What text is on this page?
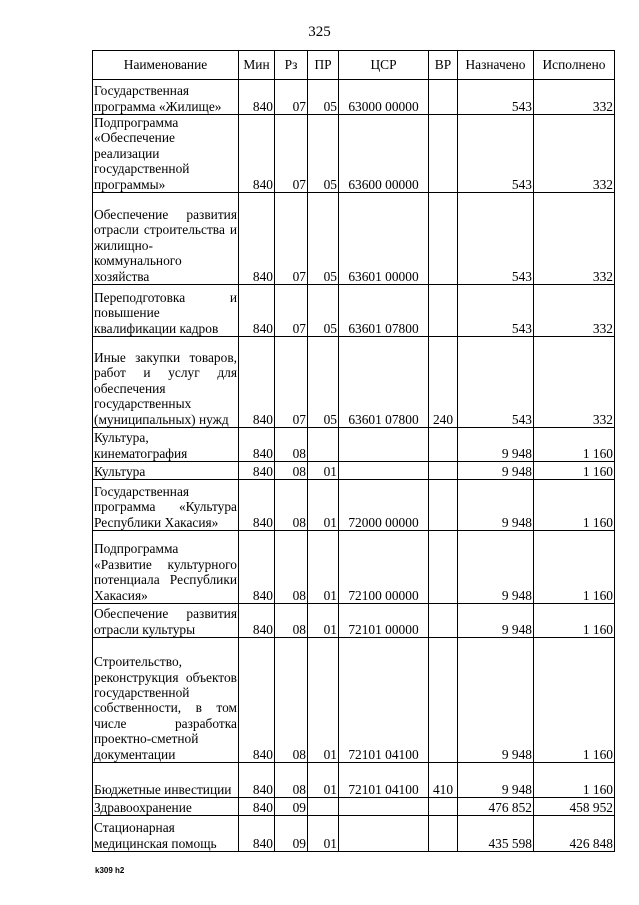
325
Наименование	Мин	Рз	ПР	ЦСР	ВР	Назначено	Исполнено

Государственная программа «Жилище»	840	07	05	63000 00000		543	332

Подпрограмма «Обеспечение реализации государственной программы»	840	07	05	63600 00000		543	332

Обеспечение развития отрасли строительства и жилищно-коммунального хозяйства	840	07	05	63601 00000		543	332

Переподготовка и повышение квалификации кадров	840	07	05	63601 07800		543	332

Иные закупки товаров, работ и услуг для обеспечения государственных (муниципальных) нужд	840	07	05	63601 07800	240	543	332

Культура, кинематография	840	08				9 948	1 160

Культура	840	08	01			9 948	1 160

Государственная программа «Культура Республики Хакасия»	840	08	01	72000 00000		9 948	1 160

Подпрограмма «Развитие культурного потенциала Республики Хакасия»	840	08	01	72100 00000		9 948	1 160

Обеспечение развития отрасли культуры	840	08	01	72101 00000		9 948	1 160

Строительство, реконструкция объектов государственной собственности, в том числе разработка проектно-сметной документации	840	08	01	72101 04100		9 948	1 160

Бюджетные инвестиции	840	08	01	72101 04100	410	9 948	1 160

Здравоохранение	840	09				476 852	458 952

Стационарная медицинская помощь	840	09	01			435 598	426 848
k309 h2
